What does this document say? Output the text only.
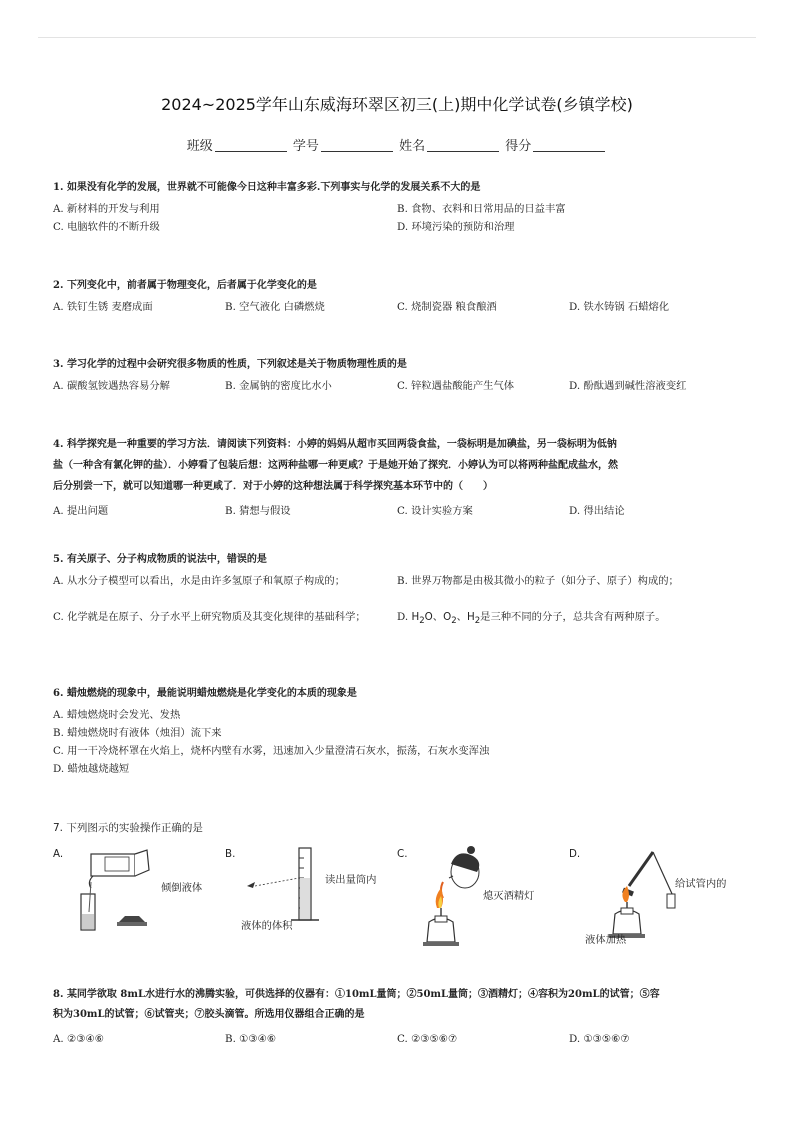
2024~2025学年山东威海环翠区初三(上)期中化学试卷(乡镇学校)
班级	学号	姓名	得分
1. 如果没有化学的发展，世界就不可能像今日这种丰富多彩.下列事实与化学的发展关系不大的是
A. 新材料的开发与利用	B. 食物、衣料和日常用品的日益丰富
C. 电脑软件的不断升级	D. 环境污染的预防和治理
2. 下列变化中，前者属于物理变化，后者属于化学变化的是
A. 铁钉生锈 麦磨成面	B. 空气液化 白磷燃烧	C. 烧制瓷器 粮食酿酒	D. 铁水铸锅 石蜡熔化
3. 学习化学的过程中会研究很多物质的性质，下列叙述是关于物质物理性质的是
A. 碳酸氢铵遇热容易分解	B. 金属钠的密度比水小	C. 锌粒遇盐酸能产生气体	D. 酚酞遇到碱性溶液变红
4. 科学探究是一种重要的学习方法．请阅读下列资料：小婷的妈妈从超市买回两袋食盐，一袋标明是加碘盐，另一袋标明为低钠
盐（一种含有氯化钾的盐）．小婷看了包装后想：这两种盐哪一种更咸？于是她开始了探究．小婷认为可以将两种盐配成盐水，然
后分别尝一下，就可以知道哪一种更咸了．对于小婷的这种想法属于科学探究基本环节中的（　　）
A. 提出问题	B. 猜想与假设	C. 设计实验方案	D. 得出结论
5. 有关原子、分子构成物质的说法中，错误的是
A. 从水分子模型可以看出，水是由许多氢原子和氧原子构成的；	B. 世界万物都是由极其微小的粒子（如分子、原子）构成的；
C. 化学就是在原子、分子水平上研究物质及其变化规律的基础科学；	D. $H_2O$、$O_2$、$H_2$是三种不同的分子，总共含有两种原子。
6. 蜡烛燃烧的现象中，最能说明蜡烛燃烧是化学变化的本质的现象是
A. 蜡烛燃烧时会发光、发热
B. 蜡烛燃烧时有液体（烛泪）流下来
C. 用一干冷烧杯罩在火焰上，烧杯内壁有水雾，迅速加入少量澄清石灰水，振荡，石灰水变浑浊
D. 蜡烛越烧越短
7. 下列图示的实验操作正确的是
A.
倾倒液体
B.
读出量筒内
液体的体积
C.
熄灭酒精灯
D.
给试管内的
液体加热
8. 某同学欲取 8mL水进行水的沸腾实验，可供选择的仪器有：①10mL量筒；②50mL量筒；③酒精灯；④容积为20mL的试管；⑤容
积为30mL的试管；⑥试管夹；⑦胶头滴管。所选用仪器组合正确的是
A. ②③④⑥	B. ①③④⑥	C. ②③⑤⑥⑦	D. ①③⑤⑥⑦
